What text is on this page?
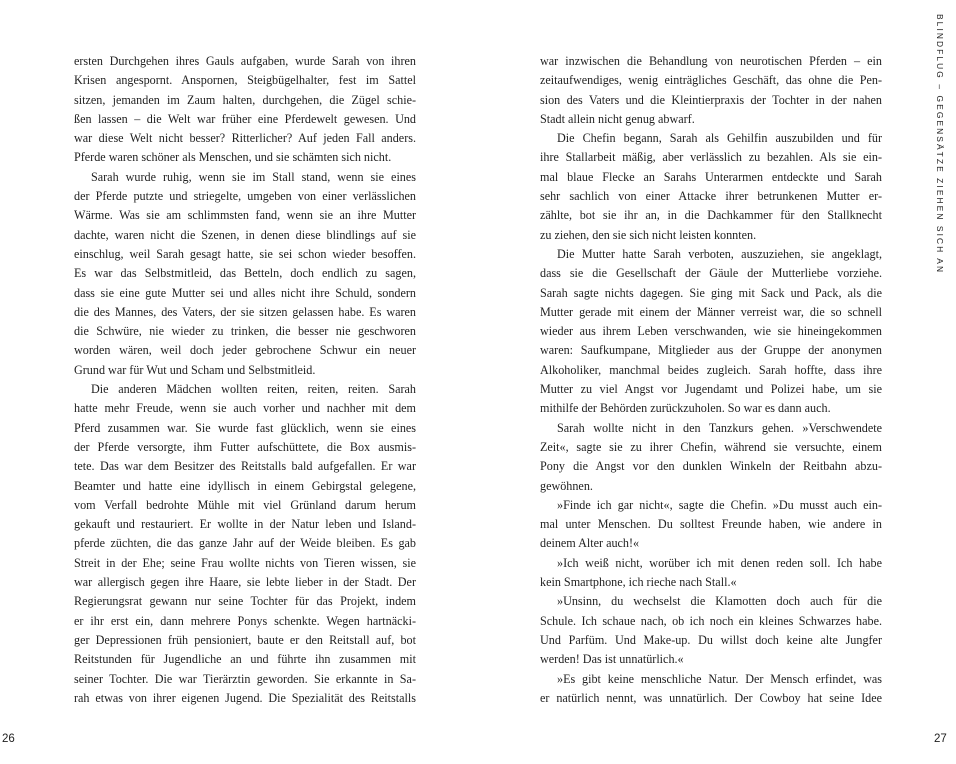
ersten Durchgehen ihres Gauls aufgaben, wurde Sarah von ihren
Krisen angespornt. Anspornen, Steigbügelhalter, fest im Sattel
sitzen, jemanden im Zaum halten, durchgehen, die Zügel schie-
ßen lassen – die Welt war früher eine Pferdewelt gewesen. Und
war diese Welt nicht besser? Ritterlicher? Auf jeden Fall anders.
Pferde waren schöner als Menschen, und sie schämten sich nicht.
Sarah wurde ruhig, wenn sie im Stall stand, wenn sie eines
der Pferde putzte und striegelte, umgeben von einer verlässlichen
Wärme. Was sie am schlimmsten fand, wenn sie an ihre Mutter
dachte, waren nicht die Szenen, in denen diese blindlings auf sie
einschlug, weil Sarah gesagt hatte, sie sei schon wieder besoffen.
Es war das Selbstmitleid, das Betteln, doch endlich zu sagen,
dass sie eine gute Mutter sei und alles nicht ihre Schuld, sondern
die des Mannes, des Vaters, der sie sitzen gelassen habe. Es waren
die Schwüre, nie wieder zu trinken, die besser nie geschworen
worden wären, weil doch jeder gebrochene Schwur ein neuer
Grund war für Wut und Scham und Selbstmitleid.
Die anderen Mädchen wollten reiten, reiten, reiten. Sarah
hatte mehr Freude, wenn sie auch vorher und nachher mit dem
Pferd zusammen war. Sie wurde fast glücklich, wenn sie eines
der Pferde versorgte, ihm Futter aufschüttete, die Box ausmis-
tete. Das war dem Besitzer des Reitstalls bald aufgefallen. Er war
Beamter und hatte eine idyllisch in einem Gebirgstal gelegene,
vom Verfall bedrohte Mühle mit viel Grünland darum herum
gekauft und restauriert. Er wollte in der Natur leben und Island-
pferde züchten, die das ganze Jahr auf der Weide bleiben. Es gab
Streit in der Ehe; seine Frau wollte nichts von Tieren wissen, sie
war allergisch gegen ihre Haare, sie lebte lieber in der Stadt. Der
Regierungsrat gewann nur seine Tochter für das Projekt, indem
er ihr erst ein, dann mehrere Ponys schenkte. Wegen hartnäcki-
ger Depressionen früh pensioniert, baute er den Reitstall auf, bot
Reitstunden für Jugendliche an und führte ihn zusammen mit
seiner Tochter. Die war Tierärztin geworden. Sie erkannte in Sa-
rah etwas von ihrer eigenen Jugend. Die Spezialität des Reitstalls
war inzwischen die Behandlung von neurotischen Pferden – ein
zeitaufwendiges, wenig einträgliches Geschäft, das ohne die Pen-
sion des Vaters und die Kleintierpraxis der Tochter in der nahen
Stadt allein nicht genug abwarf.
Die Chefin begann, Sarah als Gehilfin auszubilden und für
ihre Stallarbeit mäßig, aber verlässlich zu bezahlen. Als sie ein-
mal blaue Flecke an Sarahs Unterarmen entdeckte und Sarah
sehr sachlich von einer Attacke ihrer betrunkenen Mutter er-
zählte, bot sie ihr an, in die Dachkammer für den Stallknecht
zu ziehen, den sie sich nicht leisten konnten.
Die Mutter hatte Sarah verboten, auszuziehen, sie angeklagt,
dass sie die Gesellschaft der Gäule der Mutterliebe vorziehe.
Sarah sagte nichts dagegen. Sie ging mit Sack und Pack, als die
Mutter gerade mit einem der Männer verreist war, die so schnell
wieder aus ihrem Leben verschwanden, wie sie hineingekommen
waren: Saufkumpane, Mitglieder aus der Gruppe der anonymen
Alkoholiker, manchmal beides zugleich. Sarah hoffte, dass ihre
Mutter zu viel Angst vor Jugendamt und Polizei habe, um sie
mithilfe der Behörden zurückzuholen. So war es dann auch.
Sarah wollte nicht in den Tanzkurs gehen. »Verschwendete
Zeit«, sagte sie zu ihrer Chefin, während sie versuchte, einem
Pony die Angst vor den dunklen Winkeln der Reitbahn abzu-
gewöhnen.
»Finde ich gar nicht«, sagte die Chefin. »Du musst auch ein-
mal unter Menschen. Du solltest Freunde haben, wie andere in
deinem Alter auch!«
»Ich weiß nicht, worüber ich mit denen reden soll. Ich habe
kein Smartphone, ich rieche nach Stall.«
»Unsinn, du wechselst die Klamotten doch auch für die
Schule. Ich schaue nach, ob ich noch ein kleines Schwarzes habe.
Und Parfüm. Und Make-up. Du willst doch keine alte Jungfer
werden! Das ist unnatürlich.«
»Es gibt keine menschliche Natur. Der Mensch erfindet, was
er natürlich nennt, was unnatürlich. Der Cowboy hat seine Idee
26	27
BLINDFLUG – GEGENSÄTZE ZIEHEN SICH AN
